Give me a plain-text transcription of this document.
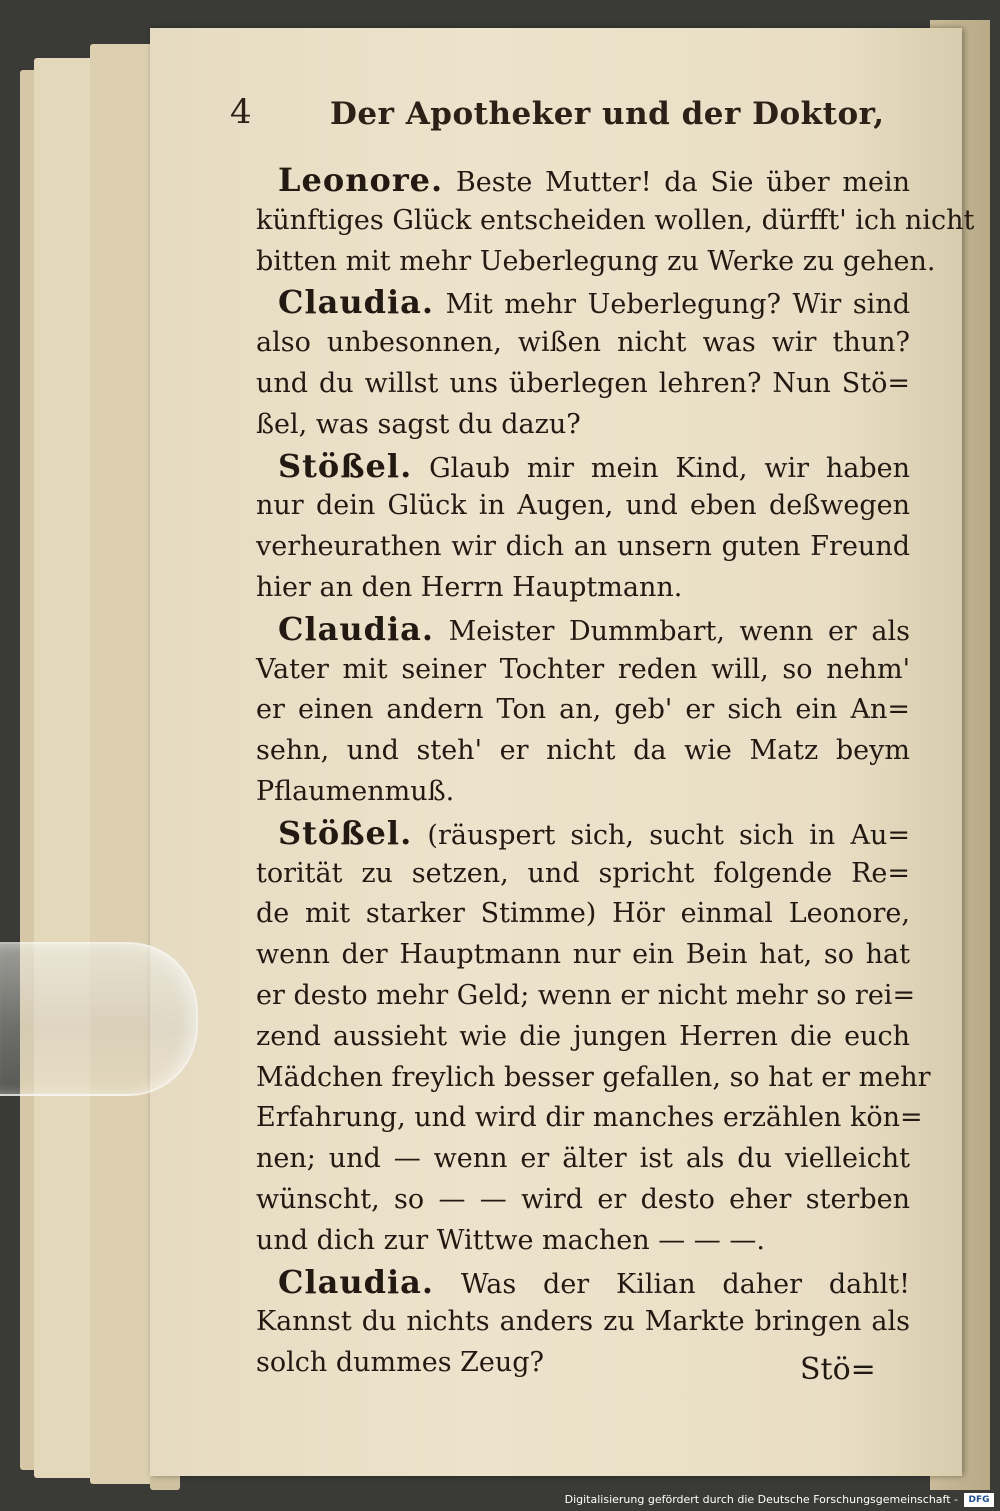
4	Der Apotheker und der Doktor,
Leonore. Beste Mutter! da Sie über mein
künftiges Glück entscheiden wollen, dürfft' ich nicht
bitten mit mehr Ueberlegung zu Werke zu gehen.
Claudia. Mit mehr Ueberlegung? Wir sind
also unbesonnen, wißen nicht was wir thun?
und du willst uns überlegen lehren? Nun Stö=
ßel, was sagst du dazu?
Stößel. Glaub mir mein Kind, wir haben
nur dein Glück in Augen, und eben deßwegen
verheurathen wir dich an unsern guten Freund
hier an den Herrn Hauptmann.
Claudia. Meister Dummbart, wenn er als
Vater mit seiner Tochter reden will, so nehm'
er einen andern Ton an, geb' er sich ein An=
sehn, und steh' er nicht da wie Matz beym
Pflaumenmuß.
Stößel. (räuspert sich, sucht sich in Au=
torität zu setzen, und spricht folgende Re=
de mit starker Stimme) Hör einmal Leonore,
wenn der Hauptmann nur ein Bein hat, so hat
er desto mehr Geld; wenn er nicht mehr so rei=
zend aussieht wie die jungen Herren die euch
Mädchen freylich besser gefallen, so hat er mehr
Erfahrung, und wird dir manches erzählen kön=
nen; und — wenn er älter ist als du vielleicht
wünscht, so — — wird er desto eher sterben
und dich zur Wittwe machen — — —.
Claudia. Was der Kilian daher dahlt!
Kannst du nichts anders zu Markte bringen als
solch dummes Zeug?	Stö=
Digitalisierung gefördert durch die Deutsche Forschungsgemeinschaft -	DFG
